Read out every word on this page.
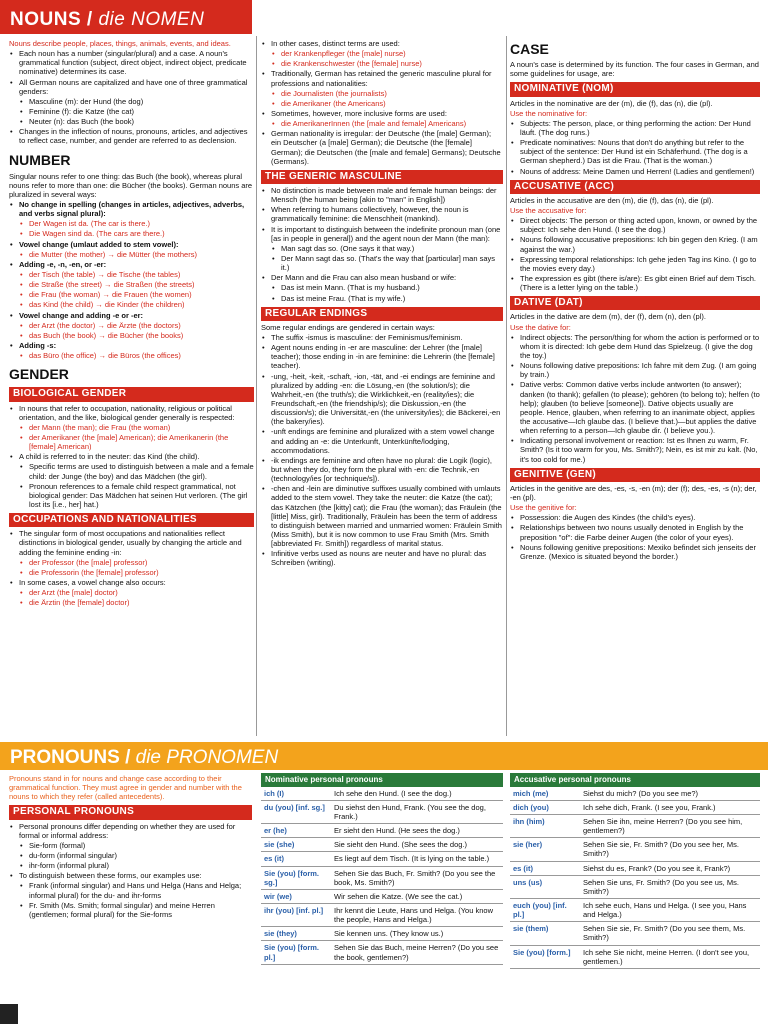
NOUNS / die NOMEN

Nouns describe people, places, things, animals, events, and ideas.

• Each noun has a number (singular/plural) and a case. A noun's grammatical function (subject, direct object, indirect object, predicate nominative) determines its case.
• All German nouns are capitalized and have one of three grammatical genders:
• Masculine (m): der Hund (the dog)
• Feminine (f): die Katze (the cat)
• Neuter (n): das Buch (the book)
• Changes in the inflection of nouns, pronouns, articles, and adjectives to reflect case, number, and gender are referred to as declension.
NUMBER

Singular nouns refer to one thing: das Buch (the book), whereas plural nouns refer to more than one: die Bücher (the books). German nouns are pluralized in several ways:

• No change in spelling (changes in articles, adjectives, adverbs, and verbs signal plural):
• Der Wagen ist da. (The car is there.)
• Die Wagen sind da. (The cars are there.)
• Vowel change (umlaut added to stem vowel):
• die Mutter (the mother) → die Mütter (the mothers)
• Adding -e, -n, -en, or -er:
• der Tisch (the table) → die Tische (the tables)
• die Straße (the street) → die Straßen (the streets)
• die Frau (the woman) → die Frauen (the women)
• das Kind (the child) → die Kinder (the children)
• Vowel change and adding -e or -er:
• der Arzt (the doctor) → die Ärzte (the doctors)
• das Buch (the book) → die Bücher (the books)
• Adding -s:
• das Büro (the office) → die Büros (the offices)
GENDER
BIOLOGICAL GENDER
• In nouns that refer to occupation, nationality, religious or political orientation, and the like, biological gender generally is respected:
• der Mann (the man); die Frau (the woman)
• der Amerikaner (the [male] American); die Amerikanerin (the [female] American)
• A child is referred to in the neuter: das Kind (the child).
• Specific terms are used to distinguish between a male and a female child: der Junge (the boy) and das Mädchen (the girl).
• Pronoun references to a female child respect grammatical, not biological gender: Das Mädchen hat seinen Hut verloren. (The girl lost its [i.e., her] hat.)
OCCUPATIONS AND NATIONALITIES
• The singular form of most occupations and nationalities reflect distinctions in biological gender, usually by changing the article and adding the feminine ending -in:
• der Professor (the [male] professor)
• die Professorin (the [female] professor)
• In some cases, a vowel change also occurs:
• der Arzt (the [male] doctor)
• die Ärztin (the [female] doctor)
• In other cases, distinct terms are used:
• der Krankenpfleger (the [male] nurse)
• die Krankenschwester (the [female] nurse)
• Traditionally, German has retained the generic masculine plural for professions and nationalities:
• die Journalisten (the journalists)
• die Amerikaner (the Americans)
• Sometimes, however, more inclusive forms are used:
• die AmerikanerInnen (the [male and female] Americans)
• German nationality is irregular: der Deutsche (the [male] German); ein Deutscher (a [male] German); die Deutsche (the [female] German); die Deutschen (the [male and female] Germans); Deutsche (Germans).
THE GENERIC MASCULINE
• No distinction is made between male and female human beings: der Mensch (the human being [akin to "man" in English])
• When referring to humans collectively, however, the noun is grammatically feminine: die Menschheit (mankind).
• It is important to distinguish between the indefinite pronoun man (one [as in people in general]) and the agent noun der Mann (the man):
• Man sagt das so. (One says it that way.)
• Der Mann sagt das so. (That's the way that [particular] man says it.)
• Der Mann and die Frau can also mean husband or wife:
• Das ist mein Mann. (That is my husband.)
• Das ist meine Frau. (That is my wife.)
REGULAR ENDINGS

Some regular endings are gendered in certain ways:

• The suffix -ismus is masculine: der Feminismus/feminism.
• Agent nouns ending in -er are masculine: der Lehrer (the [male] teacher); those ending in -in are feminine: die Lehrerin (the [female] teacher).
• -ung, -heit, -keit, -schaft, -ion, -tät, and -ei endings are feminine and pluralized by adding -en: die Lösung,-en (the solution/s); die Wahrheit,-en (the truth/s); die Wirklichkeit,-en (reality/ies); die Freundschaft,-en (the friendship/s); die Diskussion,-en (the discussion/s); die Universität,-en (the university/ies); die Bäckerei,-en (the bakery/ies).
• -unft endings are feminine and pluralized with a stem vowel change and adding an -e: die Unterkunft, Unterkünfte/lodging, accommodations.
• -ik endings are feminine and often have no plural: die Logik (logic), but when they do, they form the plural with -en: die Technik,-en (technology/ies [or technique/s]).
• -chen and -lein are diminutive suffixes usually combined with umlauts added to the stem vowel. They take the neuter: die Katze (the cat); das Kätzchen (the [kitty] cat); die Frau (the woman); das Fräulein (the [little] Miss, girl). Traditionally, Fräulein has been the term of address to distinguish between married and unmarried women: Fräulein Smith (Miss Smith), but it is now common to use Frau Smith (Mrs. Smith [abbreviated Fr. Smith]) regardless of marital status.
• Infinitive verbs used as nouns are neuter and have no plural: das Schreiben (writing).
CASE

A noun's case is determined by its function. The four cases in German, and some guidelines for usage, are:

NOMINATIVE (NOM)

Articles in the nominative are der (m), die (f), das (n), die (pl).

Use the nominative for:

• Subjects: The person, place, or thing performing the action: Der Hund läuft. (The dog runs.)
• Predicate nominatives: Nouns that don't do anything but refer to the subject of the sentence: Der Hund ist ein Schäferhund. (The dog is a German shepherd.) Das ist die Frau. (That is the woman.)
• Nouns of address: Meine Damen und Herren! (Ladies and gentlemen!)
ACCUSATIVE (ACC)

Articles in the accusative are den (m), die (f), das (n), die (pl).

Use the accusative for:

• Direct objects: The person or thing acted upon, known, or owned by the subject: Ich sehe den Hund. (I see the dog.)
• Nouns following accusative prepositions: Ich bin gegen den Krieg. (I am against the war.)
• Expressing temporal relationships: Ich gehe jeden Tag ins Kino. (I go to the movies every day.)
• The expression es gibt (there is/are): Es gibt einen Brief auf dem Tisch. (There is a letter lying on the table.)
DATIVE (DAT)

Articles in the dative are dem (m), der (f), dem (n), den (pl).

Use the dative for:

• Indirect objects: The person/thing for whom the action is performed or to whom it is directed: Ich gebe dem Hund das Spielzeug. (I give the dog the toy.)
• Nouns following dative prepositions: Ich fahre mit dem Zug. (I am going by train.)
• Dative verbs: Common dative verbs include antworten (to answer); danken (to thank); gefallen (to please); gehören (to belong to); helfen (to help); glauben (to believe [someone]). Dative objects usually are people. Hence, glauben, when referring to an inanimate object, applies the accusative—Ich glaube das. (I believe that.)—but applies the dative when referring to a person—Ich glaube dir. (I believe you.).
• Indicating personal involvement or reaction: Ist es Ihnen zu warm, Fr. Smith? (Is it too warm for you, Ms. Smith?); Nein, es ist mir zu kalt. (No, it's too cold for me.)
GENITIVE (GEN)

Articles in the genitive are des, -es, -s, -en (m); der (f); des, -es, -s (n); der, -en (pl).

Use the genitive for:

• Possession: die Augen des Kindes (the child's eyes).
• Relationships between two nouns usually denoted in English by the preposition "of": die Farbe deiner Augen (the color of your eyes).
• Nouns following genitive prepositions: Mexiko befindet sich jenseits der Grenze. (Mexico is situated beyond the border.)
PRONOUNS / die PRONOMEN

Pronouns stand in for nouns and change case according to their grammatical function. They must agree in gender and number with the nouns to which they refer (called antecedents).

PERSONAL PRONOUNS
• Personal pronouns differ depending on whether they are used for formal or informal address:
• Sie-form (formal)
• du-form (informal singular)
• ihr-form (informal plural)
• To distinguish between these forms, our examples use:
• Frank (informal singular) and Hans und Helga (Hans and Helga; informal plural) for the du- and ihr-forms
• Fr. Smith (Ms. Smith; formal singular) and meine Herren (gentlemen; formal plural) for the Sie-forms
Nominative personal pronouns	
ich (I)	Ich sehe den Hund. (I see the dog.)
du (you) [inf. sg.]	Du siehst den Hund, Frank. (You see the dog, Frank.)
er (he)	Er sieht den Hund. (He sees the dog.)
sie (she)	Sie sieht den Hund. (She sees the dog.)
es (it)	Es liegt auf dem Tisch. (It is lying on the table.)
Sie (you) [form. sg.]	Sehen Sie das Buch, Fr. Smith? (Do you see the book, Ms. Smith?)
wir (we)	Wir sehen die Katze. (We see the cat.)
ihr (you) [inf. pl.]	Ihr kennt die Leute, Hans und Helga. (You know the people, Hans and Helga.)
sie (they)	Sie kennen uns. (They know us.)
Sie (you) [form. pl.]	Sehen Sie das Buch, meine Herren? (Do you see the book, gentlemen?)
Accusative personal pronouns	
mich (me)	Siehst du mich? (Do you see me?)
dich (you)	Ich sehe dich, Frank. (I see you, Frank.)
ihn (him)	Sehen Sie ihn, meine Herren? (Do you see him, gentlemen?)
sie (her)	Sehen Sie sie, Fr. Smith? (Do you see her, Ms. Smith?)
es (it)	Siehst du es, Frank? (Do you see it, Frank?)
uns (us)	Sehen Sie uns, Fr. Smith? (Do you see us, Ms. Smith?)
euch (you) [inf. pl.]	Ich sehe euch, Hans und Helga. (I see you, Hans and Helga.)
sie (them)	Sehen Sie sie, Fr. Smith? (Do you see them, Ms. Smith?)
Sie (you) [form.]	Ich sehe Sie nicht, meine Herren. (I don't see you, gentlemen.)
